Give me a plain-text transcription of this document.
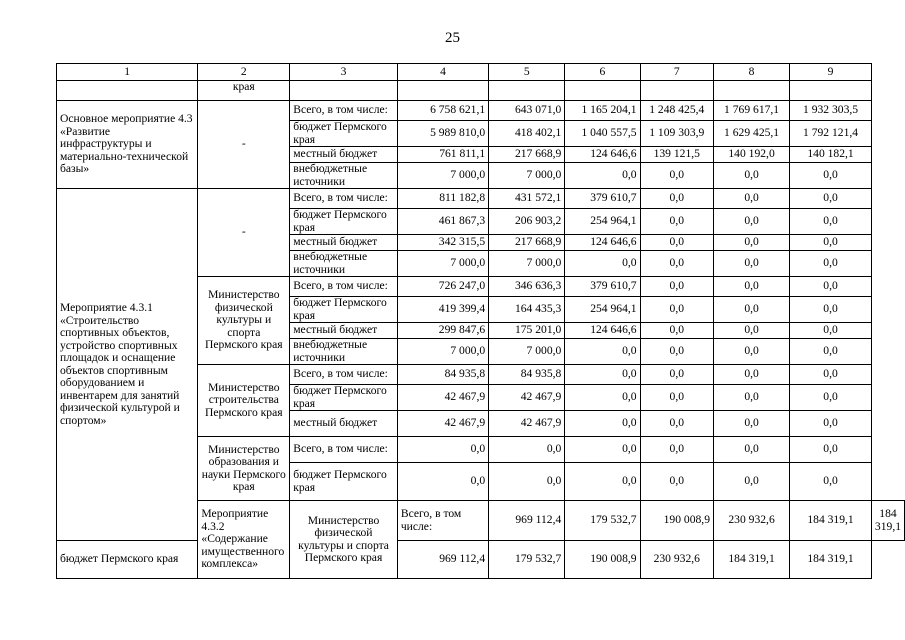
25
1	2	3	4	5	6	7	8	9	
	края								
Основное мероприятие 4.3 «Развитие инфраструктуры и материально-технической базы»	-	Всего, в том числе:	6 758 621,1	643 071,0	1 165 204,1	1 248 425,4	1 769 617,1	1 932 303,5	
		бюджет Пермского края	5 989 810,0	418 402,1	1 040 557,5	1 109 303,9	1 629 425,1	1 792 121,4	
		местный бюджет	761 811,1	217 668,9	124 646,6	139 121,5	140 192,0	140 182,1	
		внебюджетные источники	7 000,0	7 000,0	0,0	0,0	0,0	0,0	
Мероприятие 4.3.1 «Строительство спортивных объектов, устройство спортивных площадок и оснащение объектов спортивным оборудованием и инвентарем для занятий физической культурой и спортом»	-	Всего, в том числе:	811 182,8	431 572,1	379 610,7	0,0	0,0	0,0	
		бюджет Пермского края	461 867,3	206 903,2	254 964,1	0,0	0,0	0,0	
		местный бюджет	342 315,5	217 668,9	124 646,6	0,0	0,0	0,0	
		внебюджетные источники	7 000,0	7 000,0	0,0	0,0	0,0	0,0	
	Министерство физической культуры и спорта Пермского края	Всего, в том числе:	726 247,0	346 636,3	379 610,7	0,0	0,0	0,0	
		бюджет Пермского края	419 399,4	164 435,3	254 964,1	0,0	0,0	0,0	
		местный бюджет	299 847,6	175 201,0	124 646,6	0,0	0,0	0,0	
		внебюджетные источники	7 000,0	7 000,0	0,0	0,0	0,0	0,0	
	Министерство строительства Пермского края	Всего, в том числе:	84 935,8	84 935,8	0,0	0,0	0,0	0,0	
		бюджет Пермского края	42 467,9	42 467,9	0,0	0,0	0,0	0,0	
		местный бюджет	42 467,9	42 467,9	0,0	0,0	0,0	0,0	
	Министерство образования и науки Пермского края	Всего, в том числе:	0,0	0,0	0,0	0,0	0,0	0,0	
		бюджет Пермского края	0,0	0,0	0,0	0,0	0,0	0,0	
	Мероприятие 4.3.2 «Содержание имущественного комплекса»	Министерство физической культуры и спорта Пермского края	Всего, в том числе:	969 112,4	179 532,7	190 008,9	230 932,6	184 319,1	184 319,1
бюджет Пермского края			969 112,4	179 532,7	190 008,9	230 932,6	184 319,1	184 319,1	
